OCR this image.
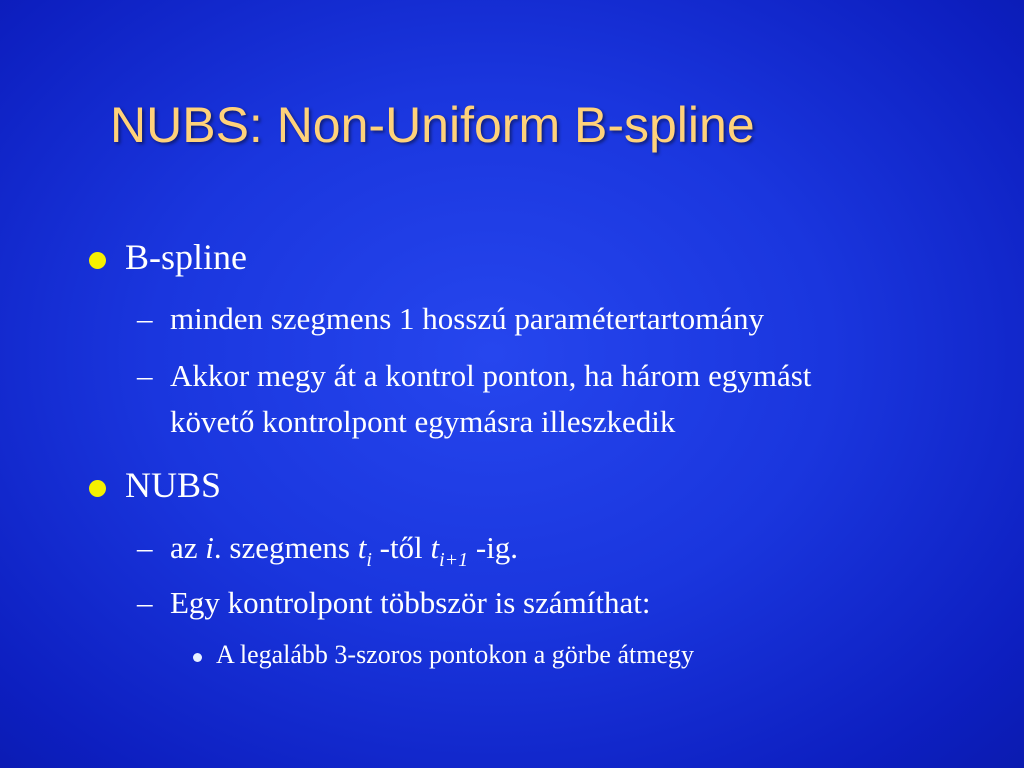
NUBS: Non-Uniform B-spline
B-spline
– minden szegmens 1 hosszú paramétertartomány
– Akkor megy át a kontrol ponton, ha három egymást
követő kontrolpont egymásra illeszkedik
NUBS
– az i. szegmens $t_i$ -től $t_{i+1}$ -ig.
– Egy kontrolpont többször is számíthat:
A legalább 3-szoros pontokon a görbe átmegy
